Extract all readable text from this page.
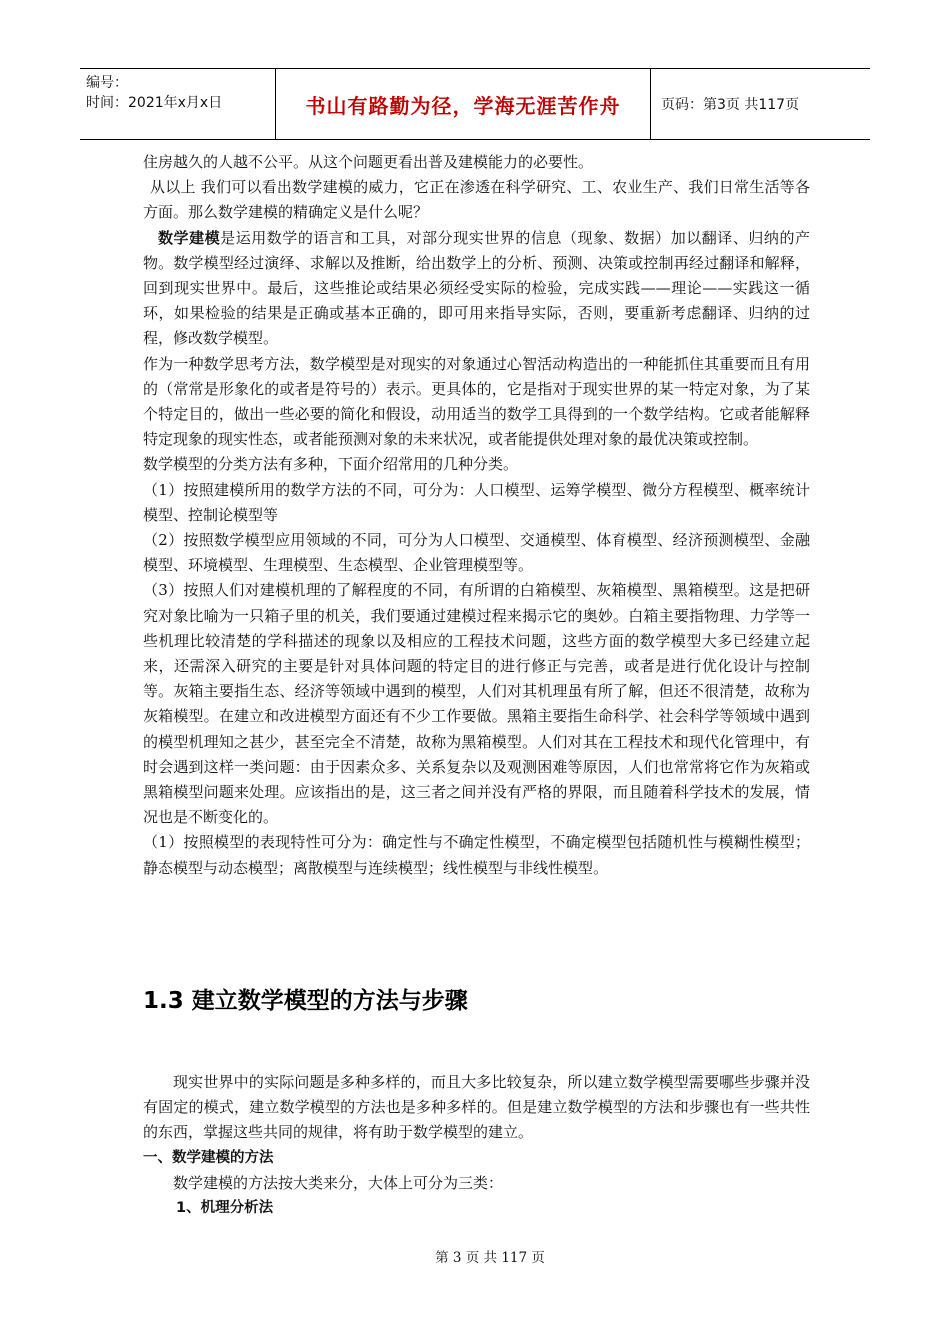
编号：
时间：2021年x月x日	书山有路勤为径，学海无涯苦作舟	页码：第3页 共117页

住房越久的人越不公平。从这个问题更看出普及建模能力的必要性。

从以上 我们可以看出数学建模的威力，它正在渗透在科学研究、工、农业生产、我们日常生活等各方面。那么数学建模的精确定义是什么呢？

数学建模是运用数学的语言和工具，对部分现实世界的信息（现象、数据）加以翻译、归纳的产物。数学模型经过演绎、求解以及推断，给出数学上的分析、预测、决策或控制再经过翻译和解释，回到现实世界中。最后，这些推论或结果必须经受实际的检验，完成实践——理论——实践这一循环，如果检验的结果是正确或基本正确的，即可用来指导实际，否则，要重新考虑翻译、归纳的过程，修改数学模型。

作为一种数学思考方法，数学模型是对现实的对象通过心智活动构造出的一种能抓住其重要而且有用的（常常是形象化的或者是符号的）表示。更具体的，它是指对于现实世界的某一特定对象，为了某个特定目的，做出一些必要的简化和假设，动用适当的数学工具得到的一个数学结构。它或者能解释特定现象的现实性态，或者能预测对象的未来状况，或者能提供处理对象的最优决策或控制。

数学模型的分类方法有多种，下面介绍常用的几种分类。

（1）按照建模所用的数学方法的不同，可分为：人口模型、运筹学模型、微分方程模型、概率统计模型、控制论模型等

（2）按照数学模型应用领域的不同，可分为人口模型、交通模型、体育模型、经济预测模型、金融模型、环境模型、生理模型、生态模型、企业管理模型等。

（3）按照人们对建模机理的了解程度的不同，有所谓的白箱模型、灰箱模型、黑箱模型。这是把研究对象比喻为一只箱子里的机关，我们要通过建模过程来揭示它的奥妙。白箱主要指物理、力学等一些机理比较清楚的学科描述的现象以及相应的工程技术问题，这些方面的数学模型大多已经建立起来，还需深入研究的主要是针对具体问题的特定目的进行修正与完善，或者是进行优化设计与控制等。灰箱主要指生态、经济等领域中遇到的模型，人们对其机理虽有所了解，但还不很清楚，故称为灰箱模型。在建立和改进模型方面还有不少工作要做。黑箱主要指生命科学、社会科学等领域中遇到的模型机理知之甚少，甚至完全不清楚，故称为黑箱模型。人们对其在工程技术和现代化管理中，有时会遇到这样一类问题：由于因素众多、关系复杂以及观测困难等原因，人们也常常将它作为灰箱或黑箱模型问题来处理。应该指出的是，这三者之间并没有严格的界限，而且随着科学技术的发展，情况也是不断变化的。

（1）按照模型的表现特性可分为：确定性与不确定性模型，不确定模型包括随机性与模糊性模型；静态模型与动态模型；离散模型与连续模型；线性模型与非线性模型。

1.3 建立数学模型的方法与步骤

现实世界中的实际问题是多种多样的，而且大多比较复杂，所以建立数学模型需要哪些步骤并没有固定的模式，建立数学模型的方法也是多种多样的。但是建立数学模型的方法和步骤也有一些共性的东西，掌握这些共同的规律，将有助于数学模型的建立。

一、数学建模的方法

数学建模的方法按大类来分，大体上可分为三类：

1、机理分析法

第 3 页 共 117 页
